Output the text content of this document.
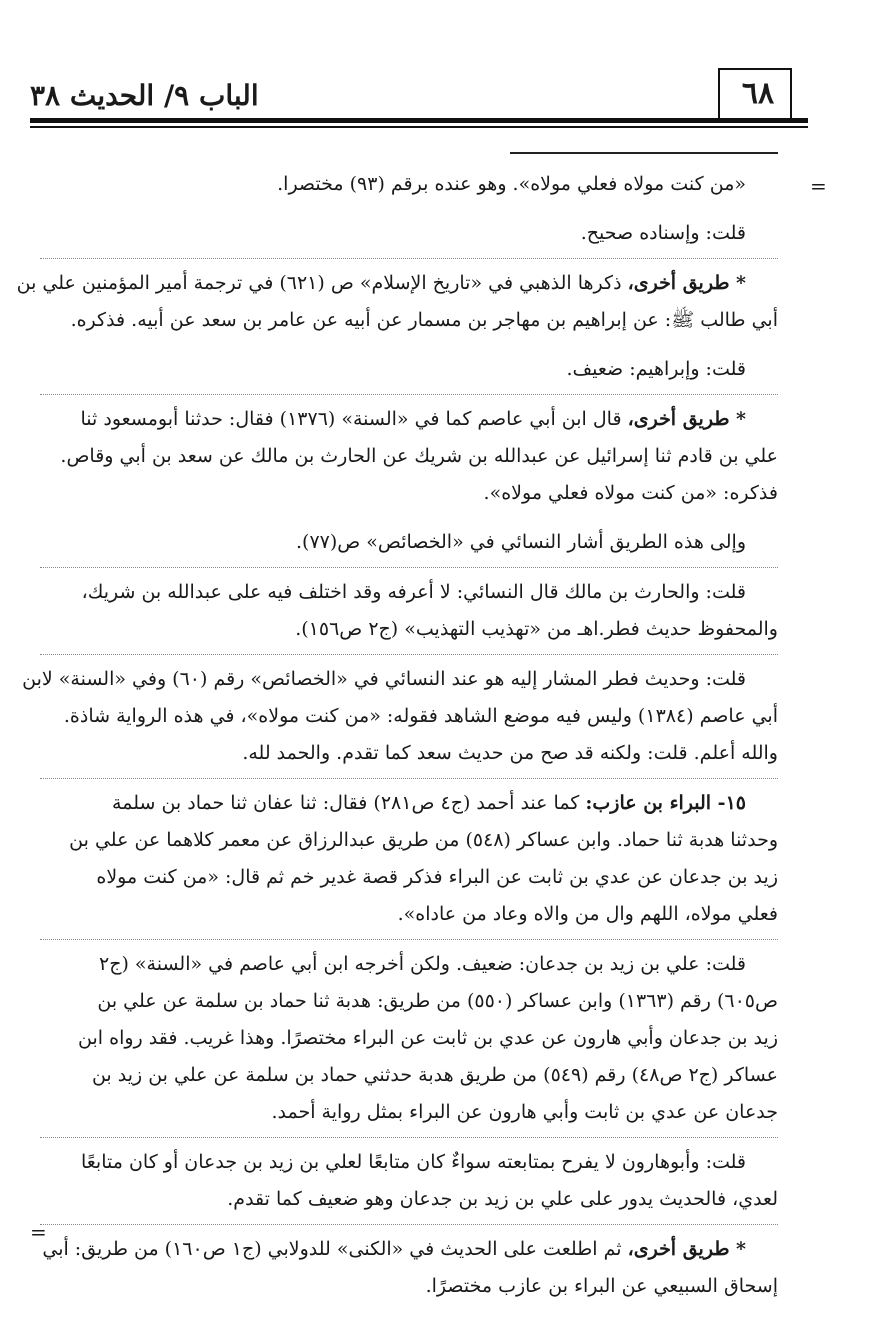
٦٨
الباب ٩/ الحديث ٣٨
=
=
«من كنت مولاه فعلي مولاه». وهو عنده برقم (٩٣) مختصرا.
قلت: وإسناده صحيح.
* طريق أخرى، ذكرها الذهبي في «تاريخ الإسلام» ص (٦٢١) في ترجمة أمير المؤمنين علي بن
أبي طالب ﷺ: عن إبراهيم بن مهاجر بن مسمار عن أبيه عن عامر بن سعد عن أبيه. فذكره.
قلت: وإبراهيم: ضعيف.
* طريق أخرى، قال ابن أبي عاصم كما في «السنة» (١٣٧٦) فقال: حدثنا أبومسعود ثنا
علي بن قادم ثنا إسرائيل عن عبدالله بن شريك عن الحارث بن مالك عن سعد بن أبي وقاص.
فذكره: «من كنت مولاه فعلي مولاه».
وإلى هذه الطريق أشار النسائي في «الخصائص» ص(٧٧).
قلت: والحارث بن مالك قال النسائي: لا أعرفه وقد اختلف فيه على عبدالله بن شريك،
والمحفوظ حديث فطر.اهـ من «تهذيب التهذيب» (ج٢ ص١٥٦).
قلت: وحديث فطر المشار إليه هو عند النسائي في «الخصائص» رقم (٦٠) وفي «السنة» لابن
أبي عاصم (١٣٨٤) وليس فيه موضع الشاهد فقوله: «من كنت مولاه»، في هذه الرواية شاذة.
والله أعلم. قلت: ولكنه قد صح من حديث سعد كما تقدم. والحمد لله.
١٥- البراء بن عازب: كما عند أحمد (ج٤ ص٢٨١) فقال: ثنا عفان ثنا حماد بن سلمة
وحدثنا هدبة ثنا حماد. وابن عساكر (٥٤٨) من طريق عبدالرزاق عن معمر كلاهما عن علي بن
زيد بن جدعان عن عدي بن ثابت عن البراء فذكر قصة غدير خم ثم قال: «من كنت مولاه
فعلي مولاه، اللهم وال من والاه وعاد من عاداه».
قلت: علي بن زيد بن جدعان: ضعيف. ولكن أخرجه ابن أبي عاصم في «السنة» (ج٢
ص٦٠٥) رقم (١٣٦٣) وابن عساكر (٥٥٠) من طريق: هدبة ثنا حماد بن سلمة عن علي بن
زيد بن جدعان وأبي هارون عن عدي بن ثابت عن البراء مختصرًا. وهذا غريب. فقد رواه ابن
عساكر (ج٢ ص٤٨) رقم (٥٤٩) من طريق هدبة حدثني حماد بن سلمة عن علي بن زيد بن
جدعان عن عدي بن ثابت وأبي هارون عن البراء بمثل رواية أحمد.
قلت: وأبوهارون لا يفرح بمتابعته سواءٌ كان متابعًا لعلي بن زيد بن جدعان أو كان متابعًا
لعدي، فالحديث يدور على علي بن زيد بن جدعان وهو ضعيف كما تقدم.
* طريق أخرى، ثم اطلعت على الحديث في «الكنى» للدولابي (ج١ ص١٦٠) من طريق: أبي
إسحاق السبيعي عن البراء بن عازب مختصرًا.
